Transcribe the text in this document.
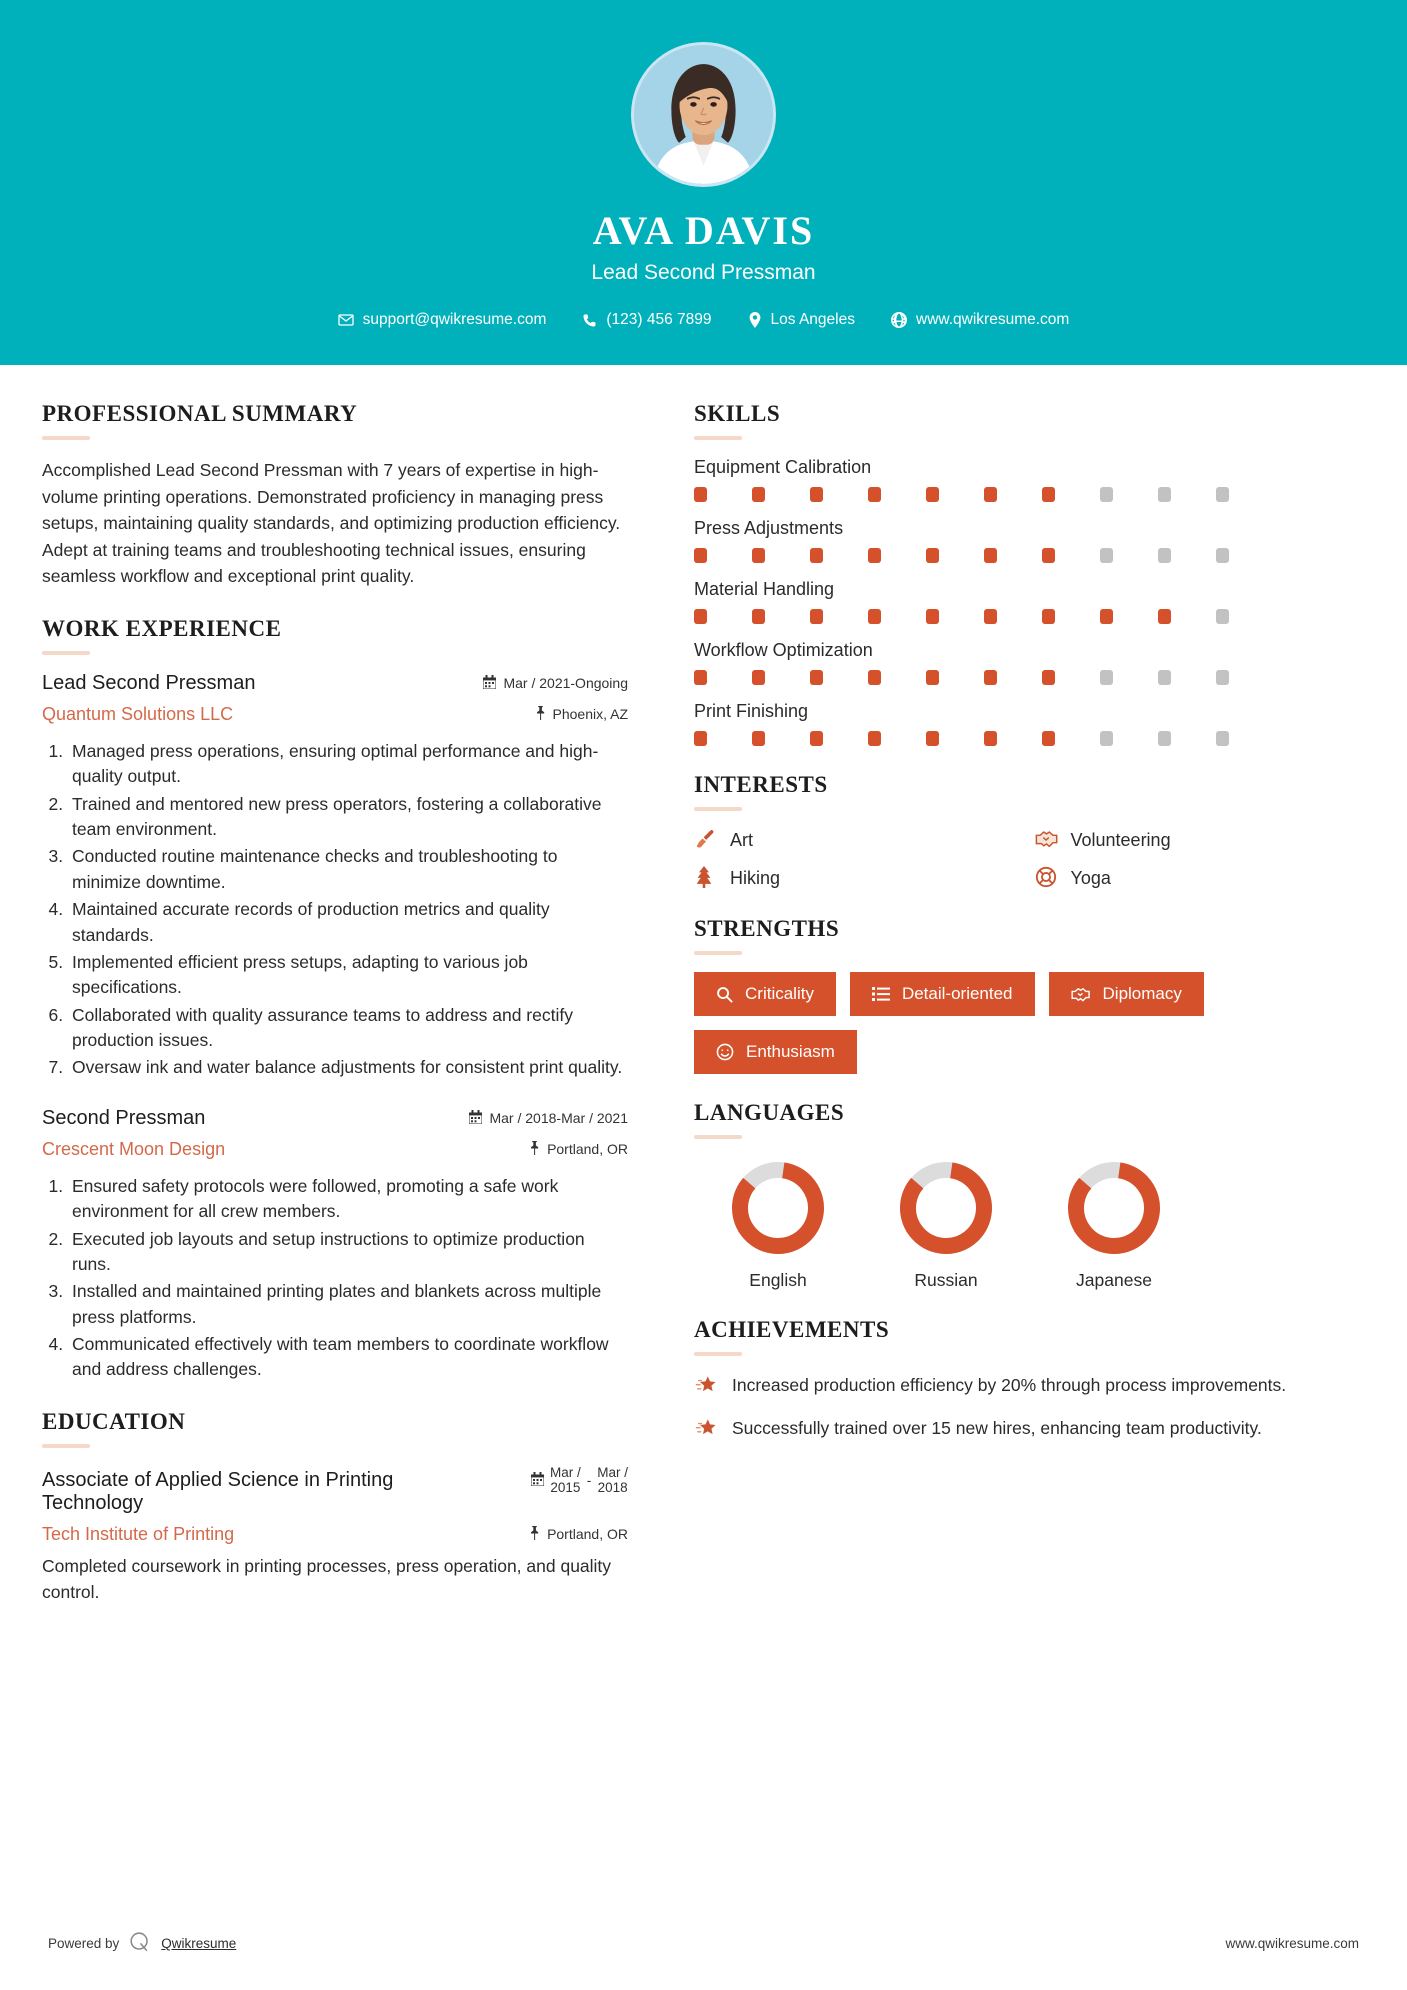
AVA DAVIS
Lead Second Pressman
support@qwikresume.com	(123) 456 7899	Los Angeles	www.qwikresume.com
PROFESSIONAL SUMMARY

Accomplished Lead Second Pressman with 7 years of expertise in high-volume printing operations. Demonstrated proficiency in managing press setups, maintaining quality standards, and optimizing production efficiency. Adept at training teams and troubleshooting technical issues, ensuring seamless workflow and exceptional print quality.

WORK EXPERIENCE
Lead Second Pressman	Mar / 2021-Ongoing
Quantum Solutions LLC	Phoenix, AZ
1. Managed press operations, ensuring optimal performance and high-quality output.
2. Trained and mentored new press operators, fostering a collaborative team environment.
3. Conducted routine maintenance checks and troubleshooting to minimize downtime.
4. Maintained accurate records of production metrics and quality standards.
5. Implemented efficient press setups, adapting to various job specifications.
6. Collaborated with quality assurance teams to address and rectify production issues.
7. Oversaw ink and water balance adjustments for consistent print quality.
Second Pressman	Mar / 2018-Mar / 2021
Crescent Moon Design	Portland, OR
1. Ensured safety protocols were followed, promoting a safe work environment for all crew members.
2. Executed job layouts and setup instructions to optimize production runs.
3. Installed and maintained printing plates and blankets across multiple press platforms.
4. Communicated effectively with team members to coordinate workflow and address challenges.
EDUCATION
Associate of Applied Science in Printing Technology
Mar /
2015
-
Mar /
2018
Tech Institute of Printing	Portland, OR

Completed coursework in printing processes, press operation, and quality control.

SKILLS
Equipment Calibration
Press Adjustments
Material Handling
Workflow Optimization
Print Finishing
INTERESTS
Art	Volunteering
Hiking	Yoga
STRENGTHS
Criticality	Detail-oriented	Diplomacy
Enthusiasm
LANGUAGES
English	Russian	Japanese
ACHIEVEMENTS
Increased production efficiency by 20% through process improvements.
Successfully trained over 15 new hires, enhancing team productivity.
Powered by	Qwikresume	www.qwikresume.com
